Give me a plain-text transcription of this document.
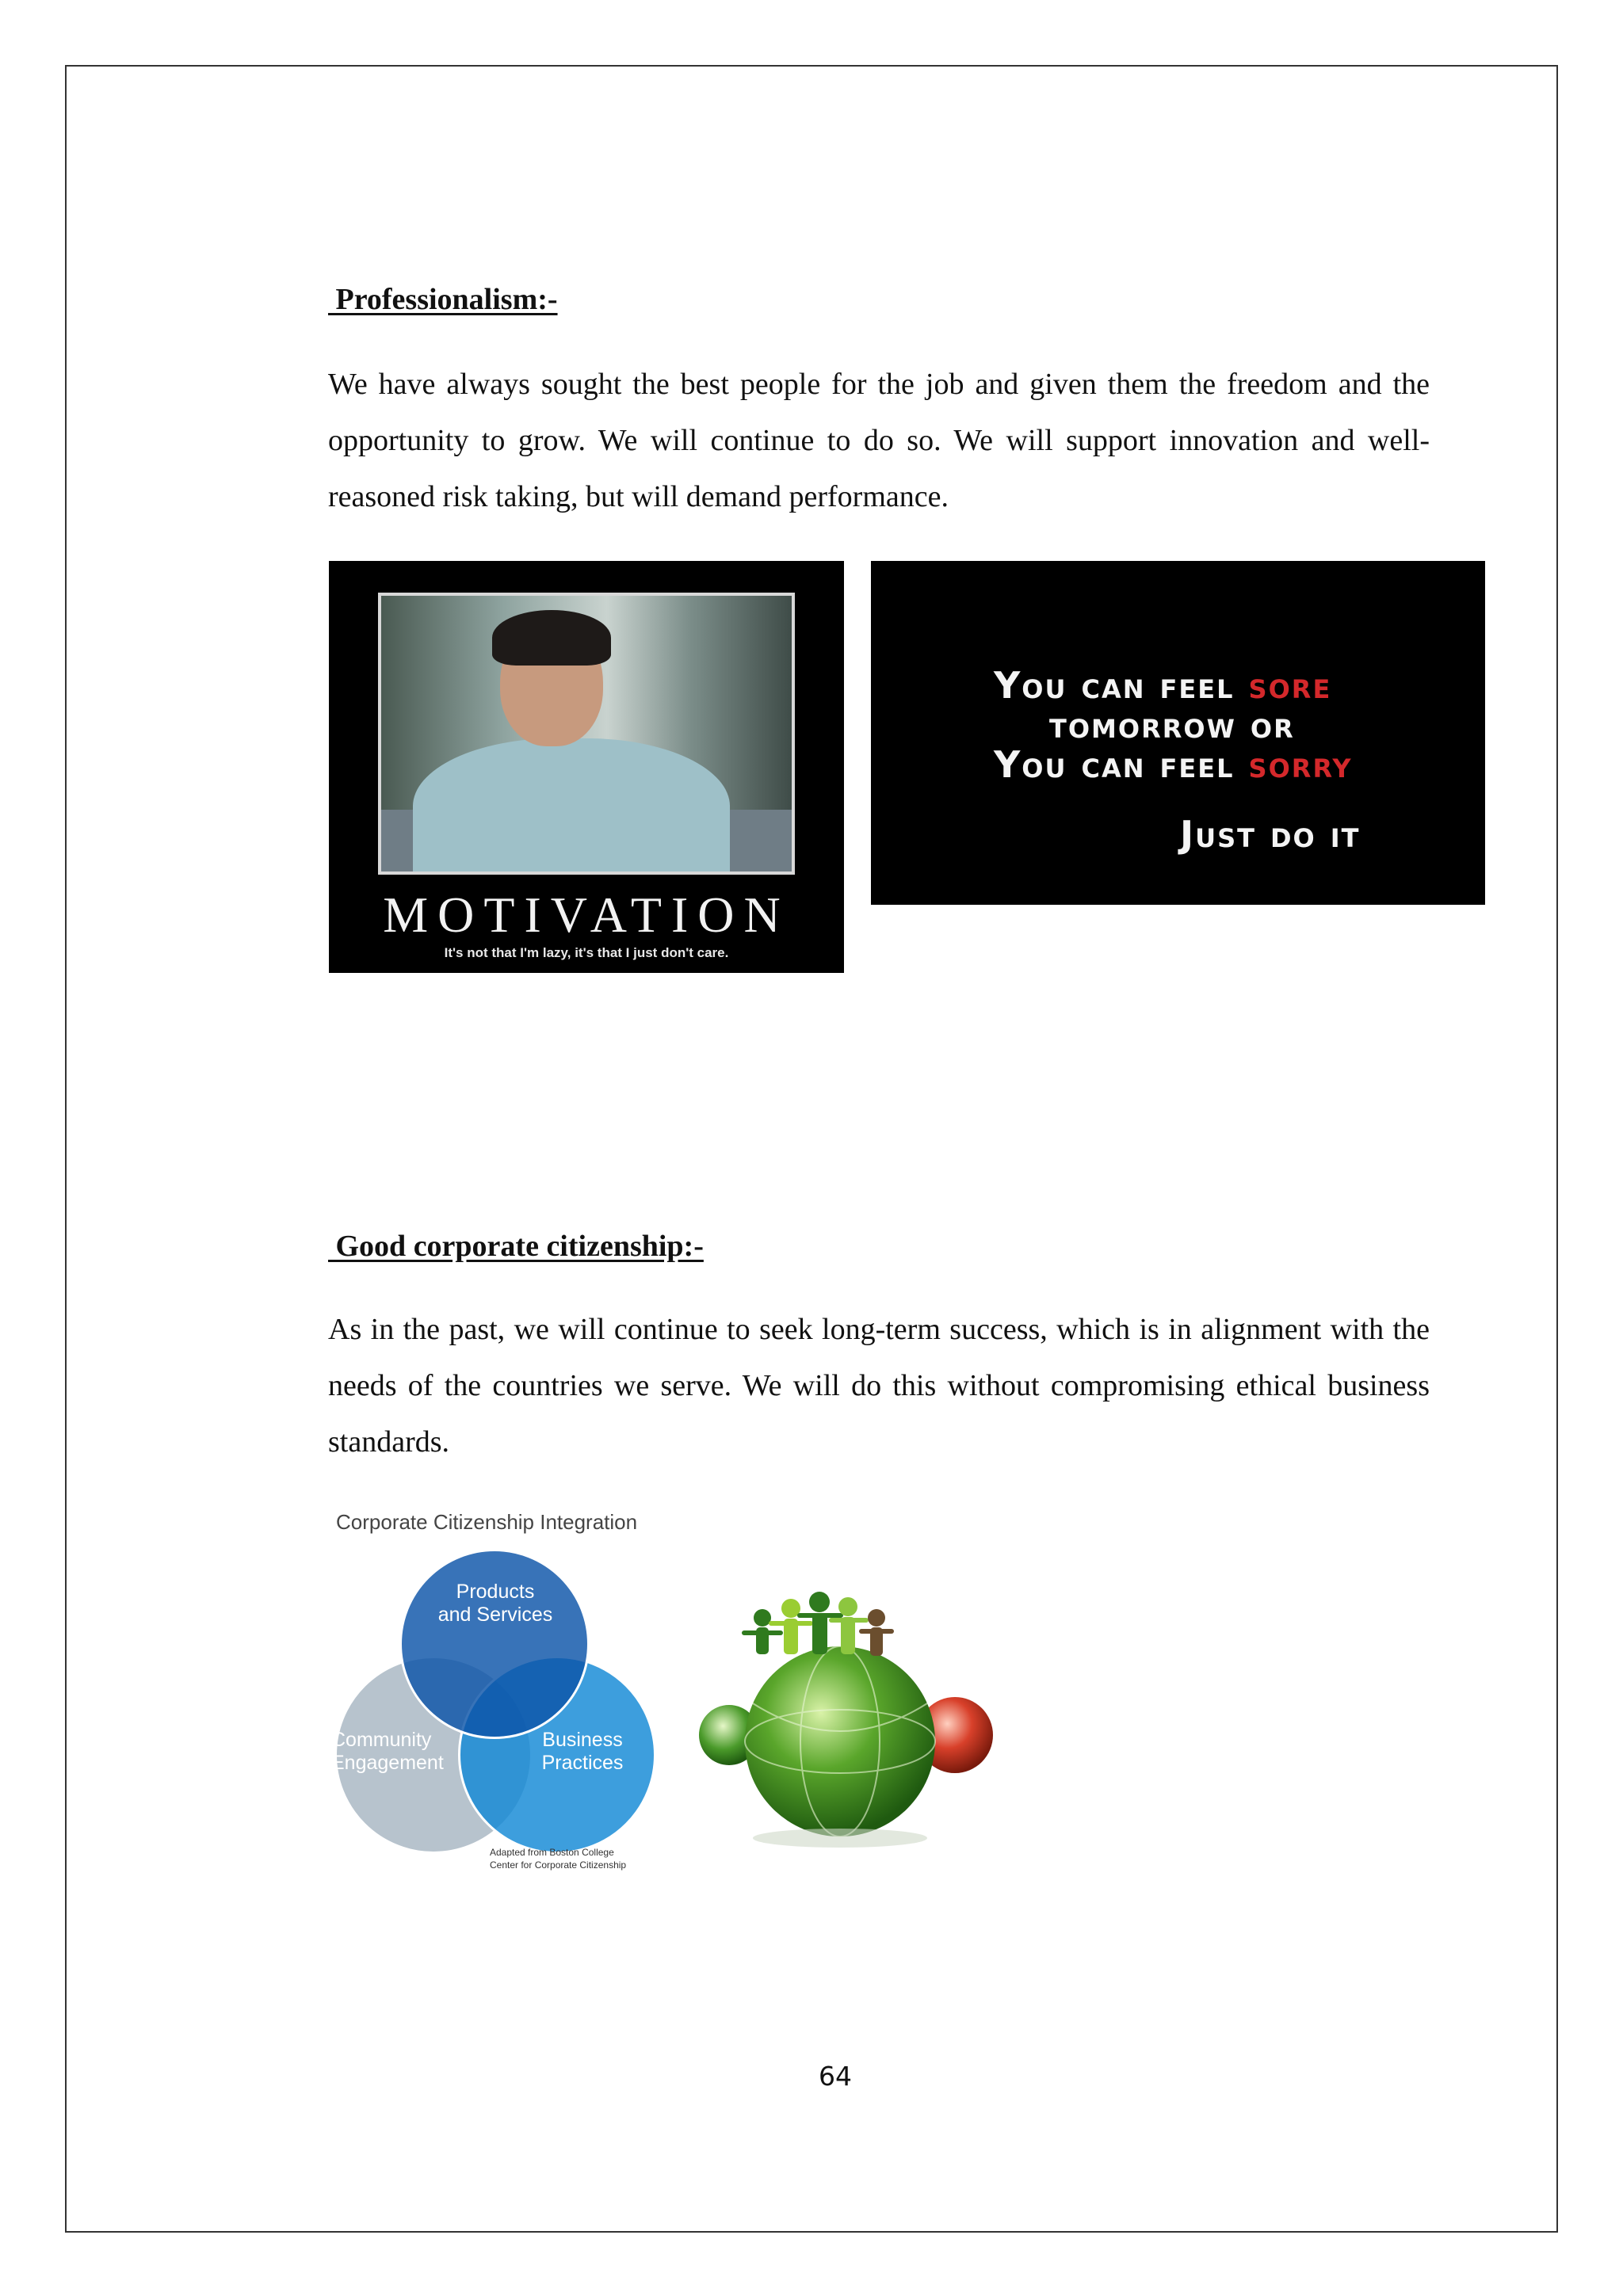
Professionalism:-

We have always sought the best people for the job and given them the freedom and the opportunity to grow. We will continue to do so. We will support innovation and well-reasoned risk taking, but will demand performance.

MOTIVATION
It's not that I'm lazy, it's that I just don't care.
You can feel sore
tomorrow or
You can feel sorry
Just do it
Good corporate citizenship:-

As in the past, we will continue to seek long-term success, which is in alignment with the needs of the countries we serve. We will do this without compromising ethical business standards.

Corporate Citizenship Integration
Products
and Services
Community
Engagement
Business
Practices
Adapted from Boston College
Center for Corporate Citizenship
64
